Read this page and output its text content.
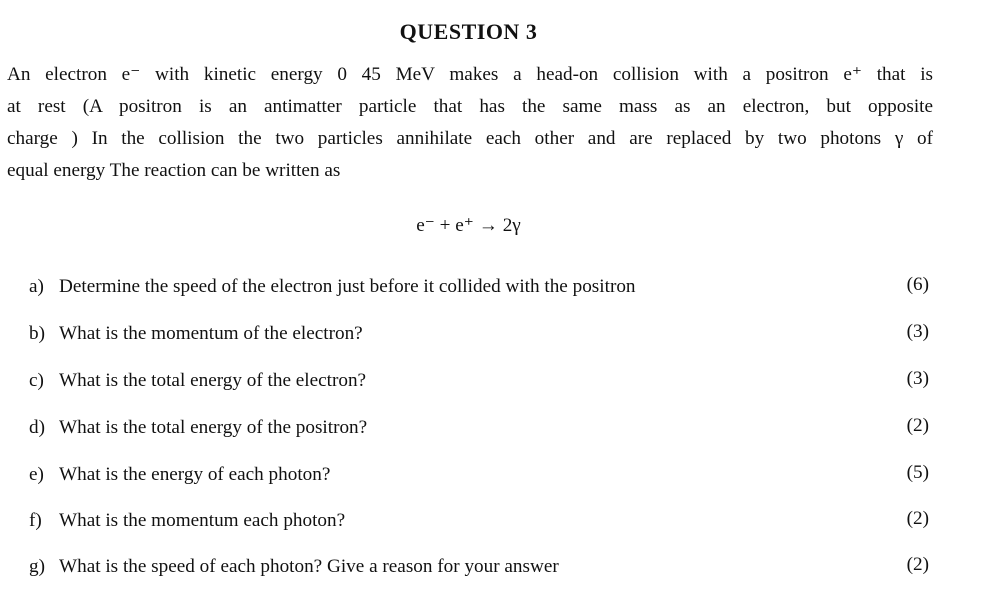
QUESTION 3
An electron e⁻ with kinetic energy 0 45 MeV makes a head-on collision with a positron e⁺ that is
at rest (A positron is an antimatter particle that has the same mass as an electron, but opposite
charge ) In the collision the two particles annihilate each other and are replaced by two photons γ of
equal energy The reaction can be written as
e⁻ + e⁺ → 2γ
a) Determine the speed of the electron just before it collided with the positron	(6)
b) What is the momentum of the electron?	(3)
c) What is the total energy of the electron?	(3)
d) What is the total energy of the positron?	(2)
e) What is the energy of each photon?	(5)
f) What is the momentum each photon?	(2)
g) What is the speed of each photon? Give a reason for your answer	(2)
